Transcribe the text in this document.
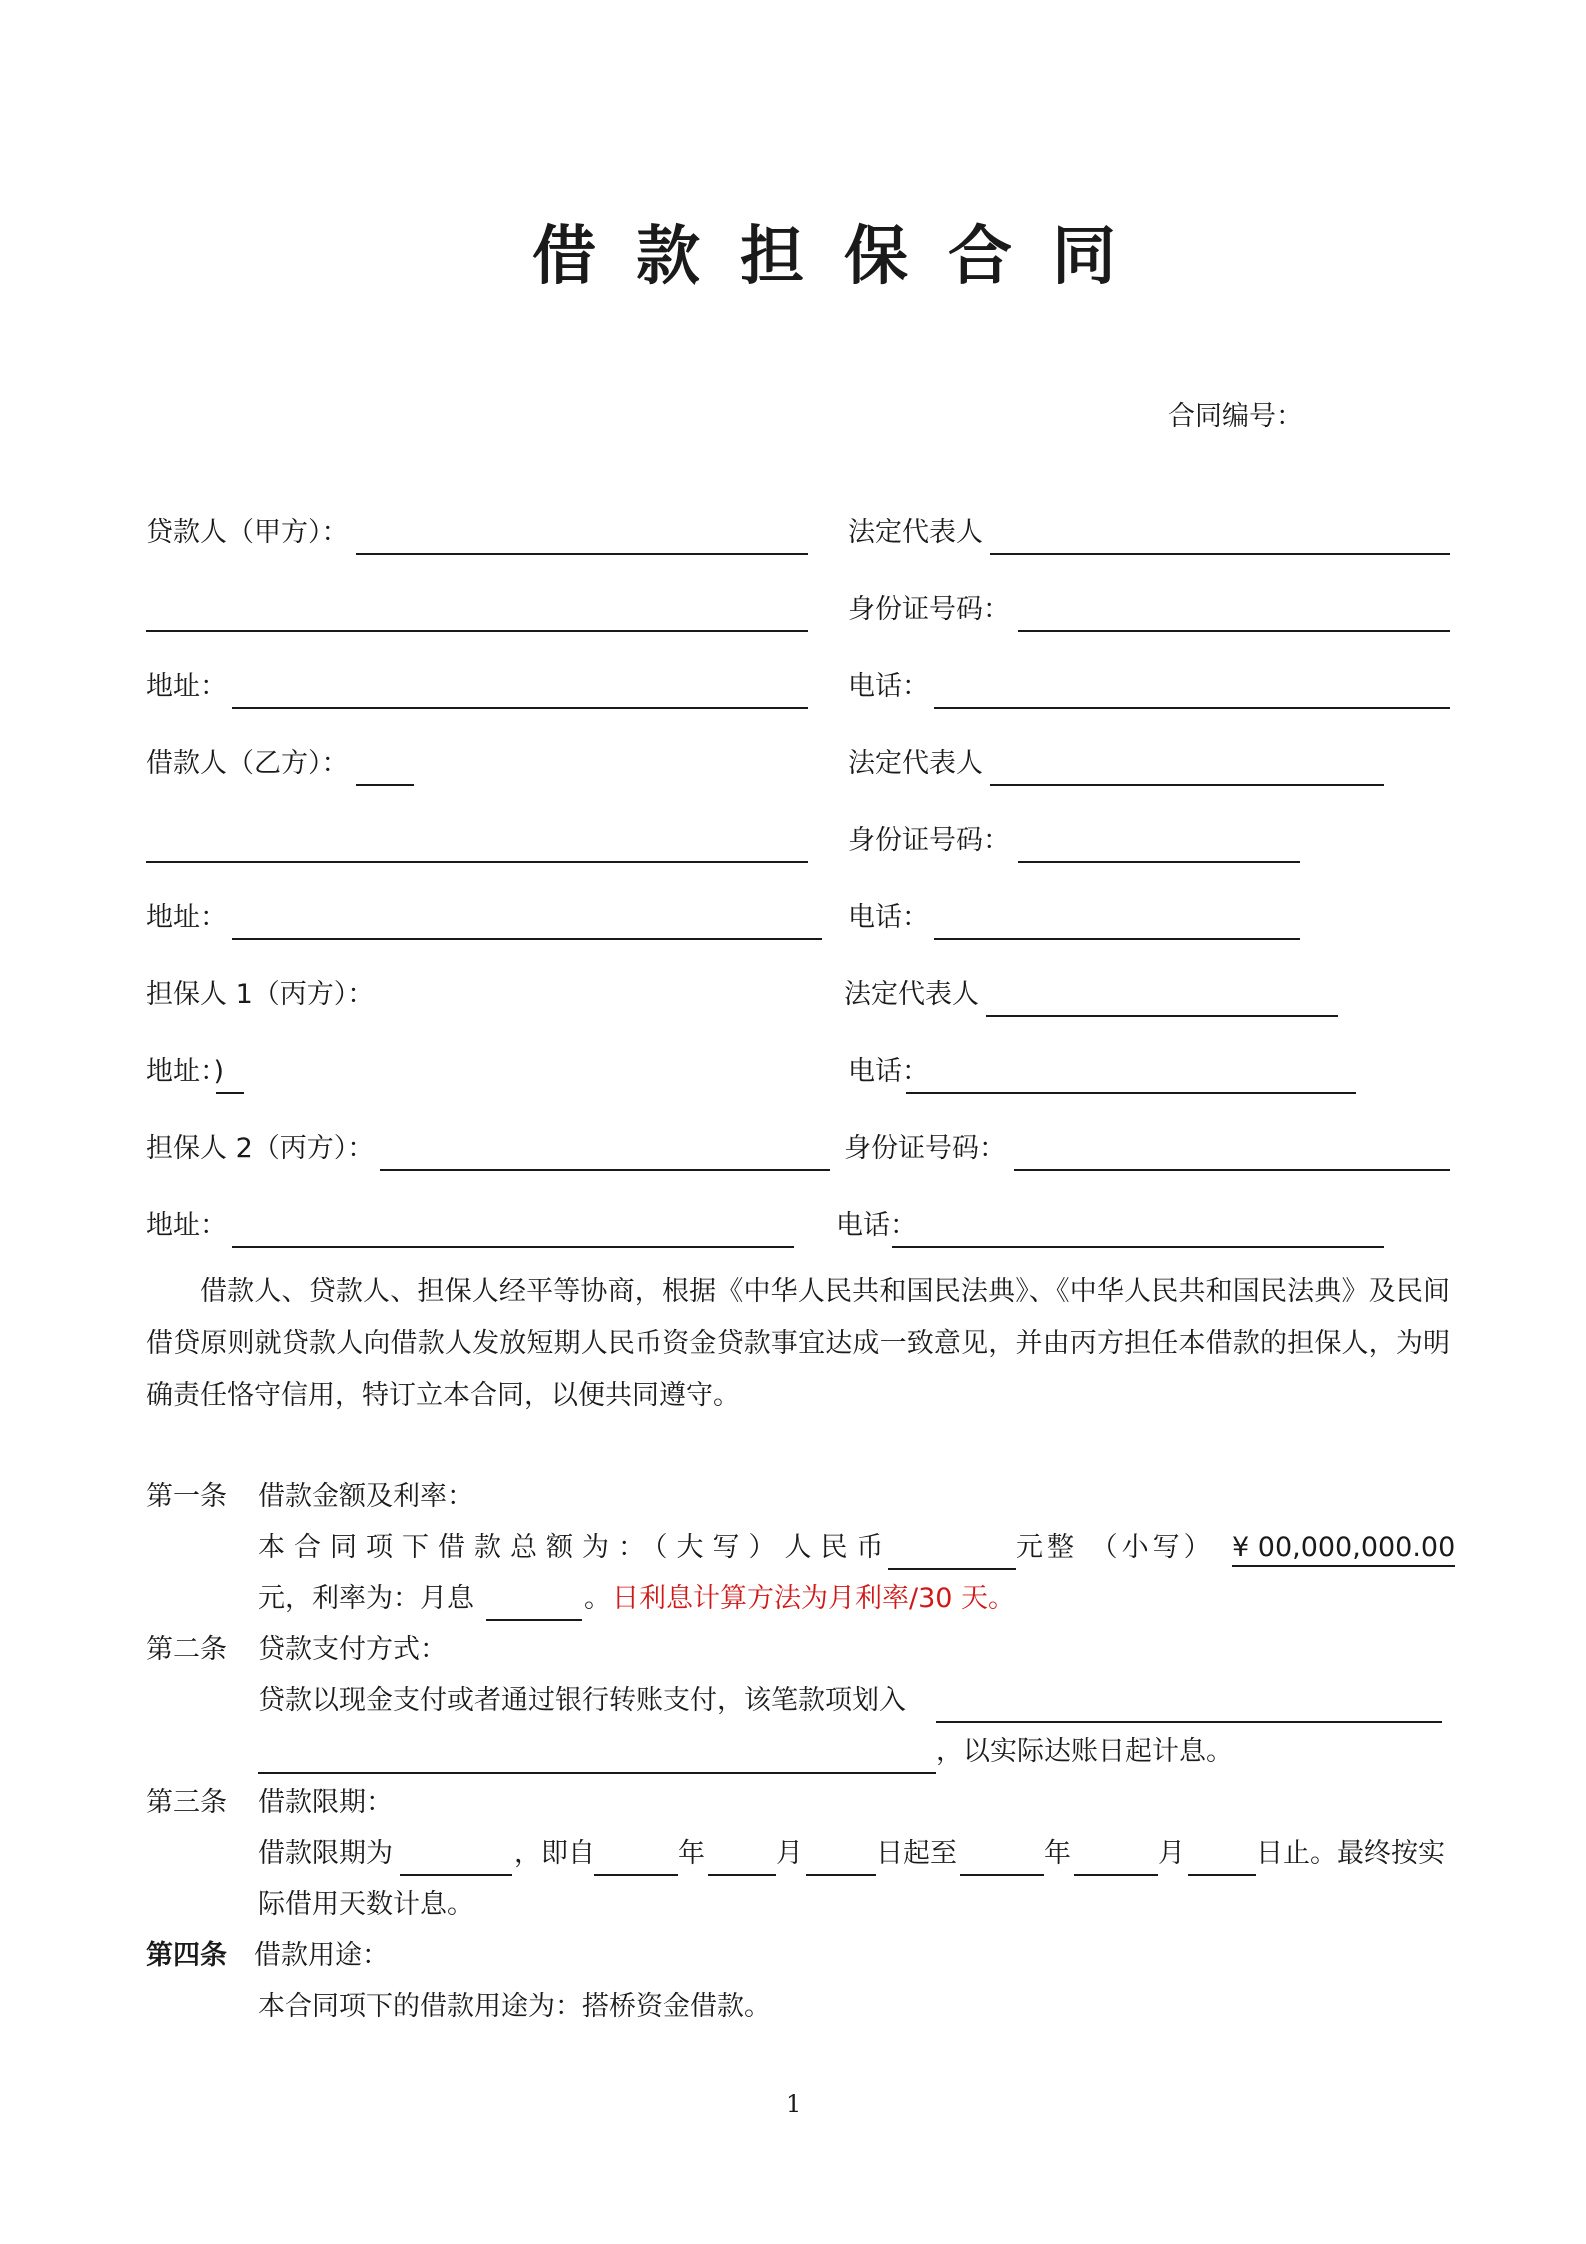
借款担保合同
合同编号：
贷款人（甲方）：	法定代表人
身份证号码：
地址：	电话：
借款人（乙方）：	法定代表人
身份证号码：
地址：	电话：
担保人 1（丙方）：	法定代表人
地址：)	电话：
担保人 2（丙方）：	身份证号码：
地址：	电话：
借款人、贷款人、担保人经平等协商，根据《中华人民共和国民法典》、《中华人民共和国民法典》及民间借贷原则就贷款人向借款人发放短期人民币资金贷款事宜达成一致意见，并由丙方担任本借款的担保人，为明确责任恪守信用，特订立本合同，以便共同遵守。
第一条 借款金额及利率：
本合同项下借款总额为：（大写）人民币	元整 （小写） ¥ 00,000,000.00
元，利率为：月息	。 日利息计算方法为月利率/30 天。
第二条 贷款支付方式：
贷款以现金支付或者通过银行转账支付，该笔款项划入
，以实际达账日起计息。
第三条 借款限期：
借款限期为	，即自	年	月	日起至	年	月	日止。最终按实
际借用天数计息。
第四条 借款用途：
本合同项下的借款用途为：搭桥资金借款。
1
